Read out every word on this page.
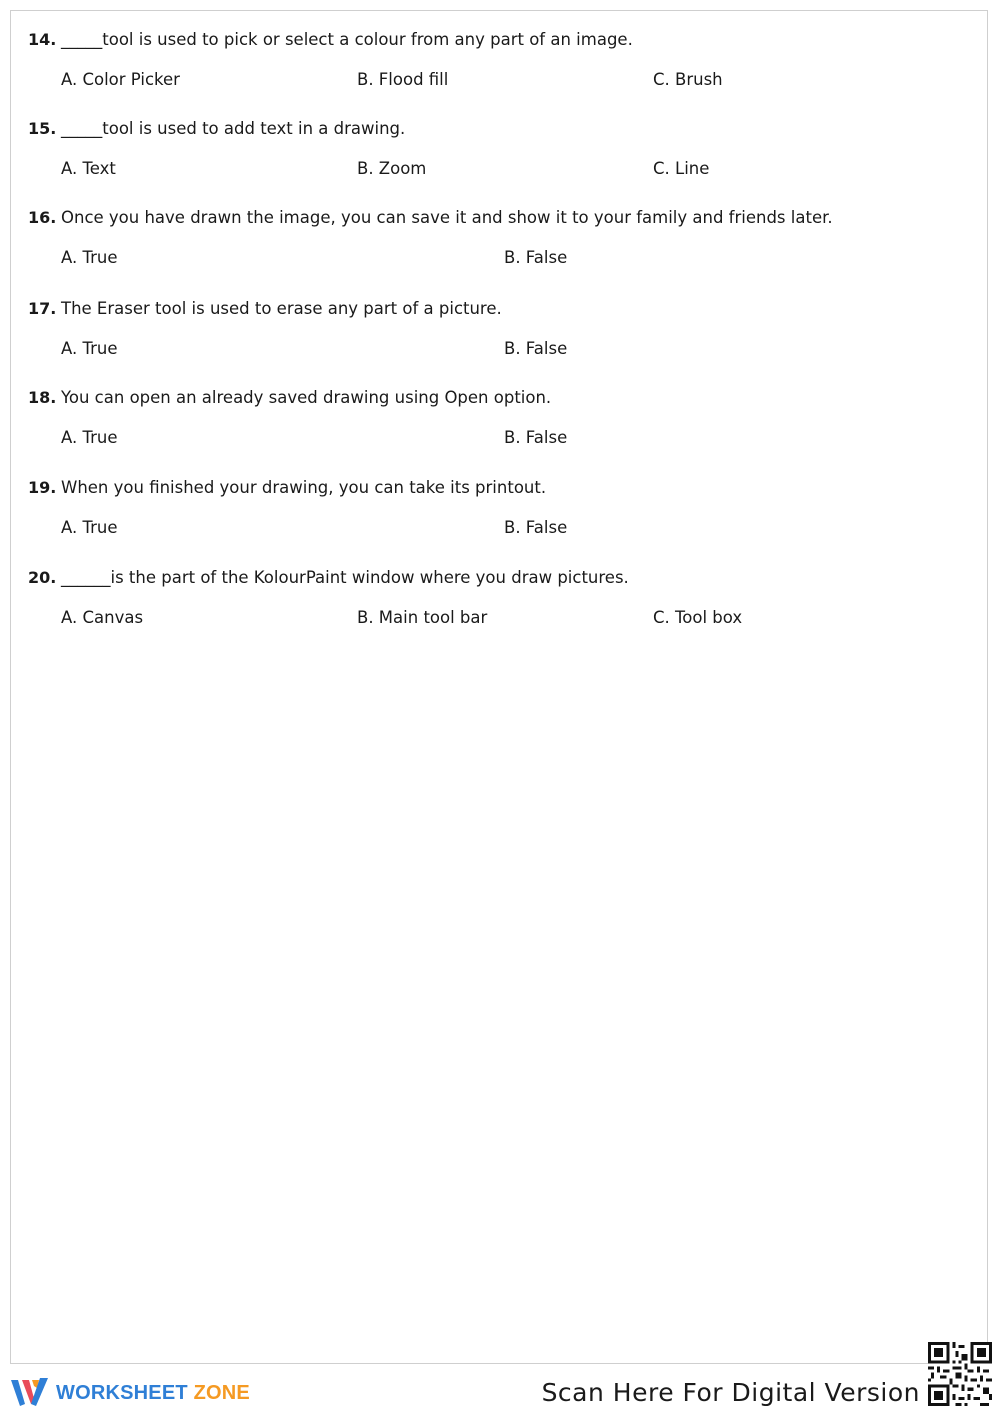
14. _____tool is used to pick or select a colour from any part of an image.
A. Color Picker	B. Flood fill	C. Brush
15. _____tool is used to add text in a drawing.
A. Text	B. Zoom	C. Line
16. Once you have drawn the image, you can save it and show it to your family and friends later.
A. True	B. False
17. The Eraser tool is used to erase any part of a picture.
A. True	B. False
18. You can open an already saved drawing using Open option.
A. True	B. False
19. When you finished your drawing, you can take its printout.
A. True	B. False
20. ______is the part of the KolourPaint window where you draw pictures.
A. Canvas	B. Main tool bar	C. Tool box
WORKSHEET ZONE	Scan Here For Digital Version
